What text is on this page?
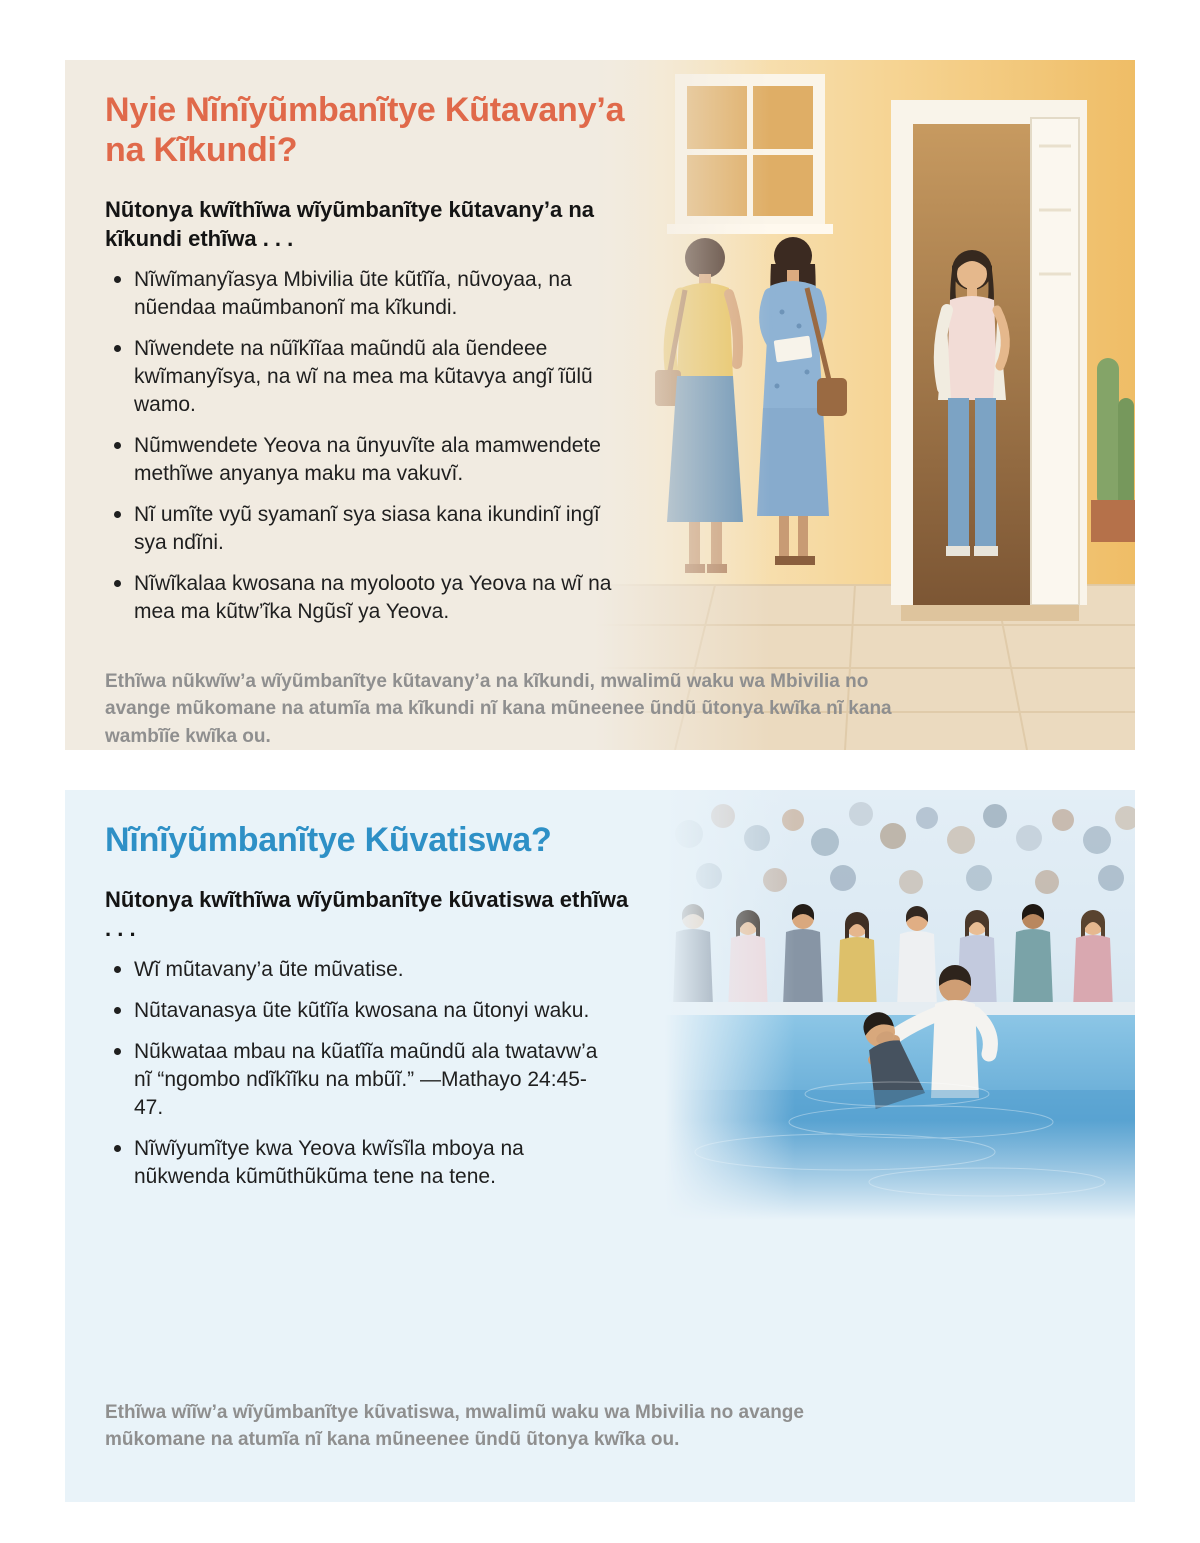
Nyie Nĩnĩyũmbanĩtye Kũtavany’a na Kĩkundi?

Nũtonya kwĩthĩwa wĩyũmbanĩtye kũtavany’a na kĩkundi ethĩwa . . .

Nĩwĩmanyĩasya Mbivilia ũte kũtĩĩa, nũvoyaa, na nũendaa maũmbanonĩ ma kĩkundi.
Nĩwendete na nũĩkĩĩaa maũndũ ala ũendeee kwĩmanyĩsya, na wĩ na mea ma kũtavya angĩ ĩũlũ wamo.
Nũmwendete Yeova na ũnyuvĩte ala mamwendete methĩwe anyanya maku ma vakuvĩ.
Nĩ umĩte vyũ syamanĩ sya siasa kana ikundinĩ ingĩ sya ndĩni.
Nĩwĩkalaa kwosana na myolooto ya Yeova na wĩ na mea ma kũtw’ĩka Ngũsĩ ya Yeova.

Ethĩwa nũkwĩw’a wĩyũmbanĩtye kũtavany’a na kĩkundi, mwalimũ waku wa Mbivilia no avange mũkomane na atumĩa ma kĩkundi nĩ kana mũneenee ũndũ ũtonya kwĩka nĩ kana wambĩĩe kwĩka ou.

Nĩnĩyũmbanĩtye Kũvatiswa?

Nũtonya kwĩthĩwa wĩyũmbanĩtye kũvatiswa ethĩwa . . .

Wĩ mũtavany’a ũte mũvatise.
Nũtavanasya ũte kũtĩĩa kwosana na ũtonyi waku.
Nũkwataa mbau na kũatĩĩa maũndũ ala twatavw’a nĩ “ngombo ndĩkĩĩku na mbũĩ.” —Mathayo 24:45-47.
Nĩwĩyumĩtye kwa Yeova kwĩsĩla mboya na nũkwenda kũmũthũkũma tene na tene.

Ethĩwa wĩĩw’a wĩyũmbanĩtye kũvatiswa, mwalimũ waku wa Mbivilia no avange mũkomane na atumĩa nĩ kana mũneenee ũndũ ũtonya kwĩka ou.
